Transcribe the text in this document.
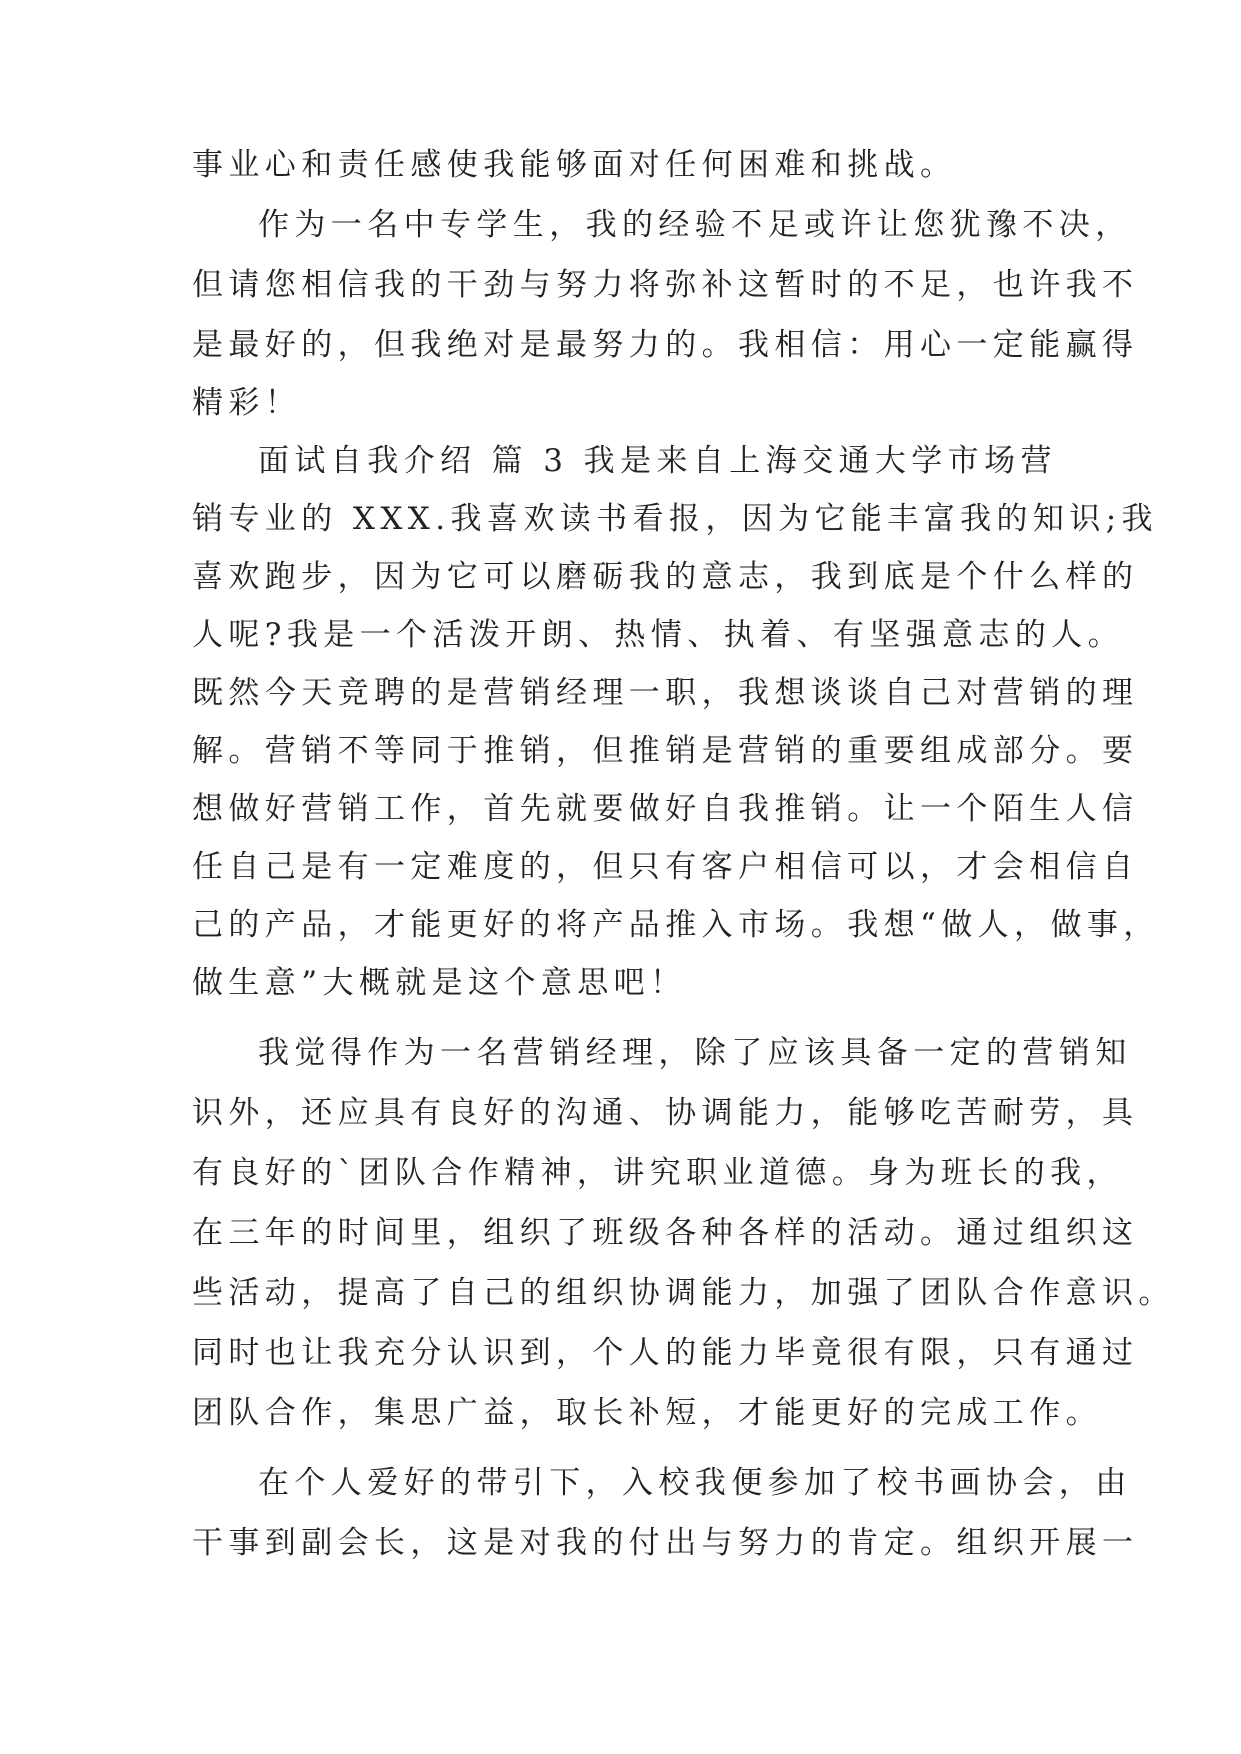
事业心和责任感使我能够面对任何困难和挑战。
作为一名中专学生，我的经验不足或许让您犹豫不决，
但请您相信我的干劲与努力将弥补这暂时的不足，也许我不
是最好的，但我绝对是最努力的。我相信：用心一定能赢得
精彩！
面试自我介绍 篇 3 我是来自上海交通大学市场营
销专业的 XXX.我喜欢读书看报，因为它能丰富我的知识;我
喜欢跑步，因为它可以磨砺我的意志，我到底是个什么样的
人呢?我是一个活泼开朗、热情、执着、有坚强意志的人。
既然今天竞聘的是营销经理一职，我想谈谈自己对营销的理
解。营销不等同于推销，但推销是营销的重要组成部分。要
想做好营销工作，首先就要做好自我推销。让一个陌生人信
任自己是有一定难度的，但只有客户相信可以，才会相信自
己的产品，才能更好的将产品推入市场。我想“做人，做事，
做生意”大概就是这个意思吧！
我觉得作为一名营销经理，除了应该具备一定的营销知
识外，还应具有良好的沟通、协调能力，能够吃苦耐劳，具
有良好的`团队合作精神，讲究职业道德。身为班长的我，
在三年的时间里，组织了班级各种各样的活动。通过组织这
些活动，提高了自己的组织协调能力，加强了团队合作意识。
同时也让我充分认识到，个人的能力毕竟很有限，只有通过
团队合作，集思广益，取长补短，才能更好的完成工作。
在个人爱好的带引下，入校我便参加了校书画协会，由
干事到副会长，这是对我的付出与努力的肯定。组织开展一
